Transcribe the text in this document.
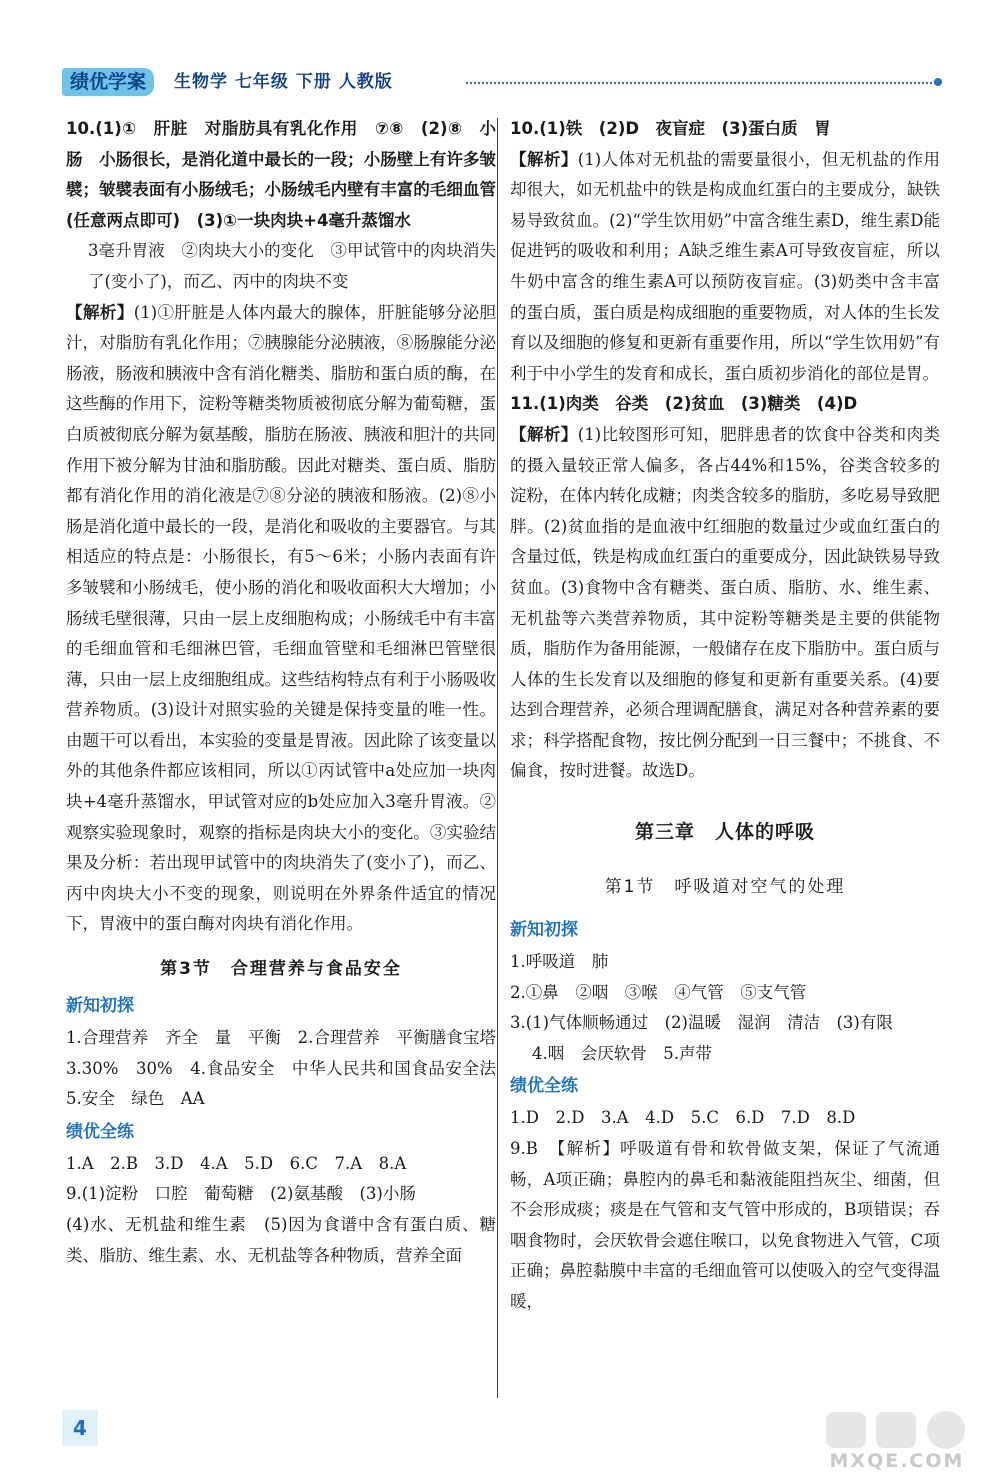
绩优学案	生物学 七年级 下册 人教版

10.(1)①　肝脏　对脂肪具有乳化作用　⑦⑧　(2)⑧　小肠　小肠很长，是消化道中最长的一段；小肠壁上有许多皱襞；皱襞表面有小肠绒毛；小肠绒毛内壁有丰富的毛细血管(任意两点即可)　(3)①一块肉块+4毫升蒸馏水

3毫升胃液　②肉块大小的变化　③甲试管中的肉块消失了(变小了)，而乙、丙中的肉块不变

【解析】(1)①肝脏是人体内最大的腺体，肝脏能够分泌胆汁，对脂肪有乳化作用；⑦胰腺能分泌胰液，⑧肠腺能分泌肠液，肠液和胰液中含有消化糖类、脂肪和蛋白质的酶，在这些酶的作用下，淀粉等糖类物质被彻底分解为葡萄糖，蛋白质被彻底分解为氨基酸，脂肪在肠液、胰液和胆汁的共同作用下被分解为甘油和脂肪酸。因此对糖类、蛋白质、脂肪都有消化作用的消化液是⑦⑧分泌的胰液和肠液。(2)⑧小肠是消化道中最长的一段，是消化和吸收的主要器官。与其相适应的特点是：小肠很长，有5～6米；小肠内表面有许多皱襞和小肠绒毛，使小肠的消化和吸收面积大大增加；小肠绒毛壁很薄，只由一层上皮细胞构成；小肠绒毛中有丰富的毛细血管和毛细淋巴管，毛细血管壁和毛细淋巴管壁很薄，只由一层上皮细胞组成。这些结构特点有利于小肠吸收营养物质。(3)设计对照实验的关键是保持变量的唯一性。由题干可以看出，本实验的变量是胃液。因此除了该变量以外的其他条件都应该相同，所以①丙试管中a处应加一块肉块+4毫升蒸馏水，甲试管对应的b处应加入3毫升胃液。②观察实验现象时，观察的指标是肉块大小的变化。③实验结果及分析：若出现甲试管中的肉块消失了(变小了)，而乙、丙中肉块大小不变的现象，则说明在外界条件适宜的情况下，胃液中的蛋白酶对肉块有消化作用。

第3节　合理营养与食品安全

新知初探

1.合理营养　齐全　量　平衡　2.合理营养　平衡膳食宝塔　3.30%　30%　4.食品安全　中华人民共和国食品安全法　5.安全　绿色　AA

绩优全练

1.A　2.B　3.D　4.A　5.D　6.C　7.A　8.A

9.(1)淀粉　口腔　葡萄糖　(2)氨基酸　(3)小肠

(4)水、无机盐和维生素　(5)因为食谱中含有蛋白质、糖类、脂肪、维生素、水、无机盐等各种物质，营养全面

10.(1)铁　(2)D　夜盲症　(3)蛋白质　胃

【解析】(1)人体对无机盐的需要量很小，但无机盐的作用却很大，如无机盐中的铁是构成血红蛋白的主要成分，缺铁易导致贫血。(2)“学生饮用奶”中富含维生素D，维生素D能促进钙的吸收和利用；A缺乏维生素A可导致夜盲症，所以牛奶中富含的维生素A可以预防夜盲症。(3)奶类中含丰富的蛋白质，蛋白质是构成细胞的重要物质，对人体的生长发育以及细胞的修复和更新有重要作用，所以“学生饮用奶”有利于中小学生的发育和成长，蛋白质初步消化的部位是胃。

11.(1)肉类　谷类　(2)贫血　(3)糖类　(4)D

【解析】(1)比较图形可知，肥胖患者的饮食中谷类和肉类的摄入量较正常人偏多，各占44%和15%，谷类含较多的淀粉，在体内转化成糖；肉类含较多的脂肪，多吃易导致肥胖。(2)贫血指的是血液中红细胞的数量过少或血红蛋白的含量过低，铁是构成血红蛋白的重要成分，因此缺铁易导致贫血。(3)食物中含有糖类、蛋白质、脂肪、水、维生素、无机盐等六类营养物质，其中淀粉等糖类是主要的供能物质，脂肪作为备用能源，一般储存在皮下脂肪中。蛋白质与人体的生长发育以及细胞的修复和更新有重要关系。(4)要达到合理营养，必须合理调配膳食，满足对各种营养素的要求；科学搭配食物，按比例分配到一日三餐中；不挑食、不偏食，按时进餐。故选D。

第三章　人体的呼吸

第1节　呼吸道对空气的处理

新知初探

1.呼吸道　肺

2.①鼻　②咽　③喉　④气管　⑤支气管

3.(1)气体顺畅通过　(2)温暖　湿润　清洁　(3)有限

4.咽　会厌软骨　5.声带

绩优全练

1.D　2.D　3.A　4.D　5.C　6.D　7.D　8.D

9.B　【解析】呼吸道有骨和软骨做支架，保证了气流通畅，A项正确；鼻腔内的鼻毛和黏液能阻挡灰尘、细菌，但不会形成痰；痰是在气管和支气管中形成的，B项错误；吞咽食物时，会厌软骨会遮住喉口，以免食物进入气管，C项正确；鼻腔黏膜中丰富的毛细血管可以使吸入的空气变得温暖，

4
MXQE.COM
